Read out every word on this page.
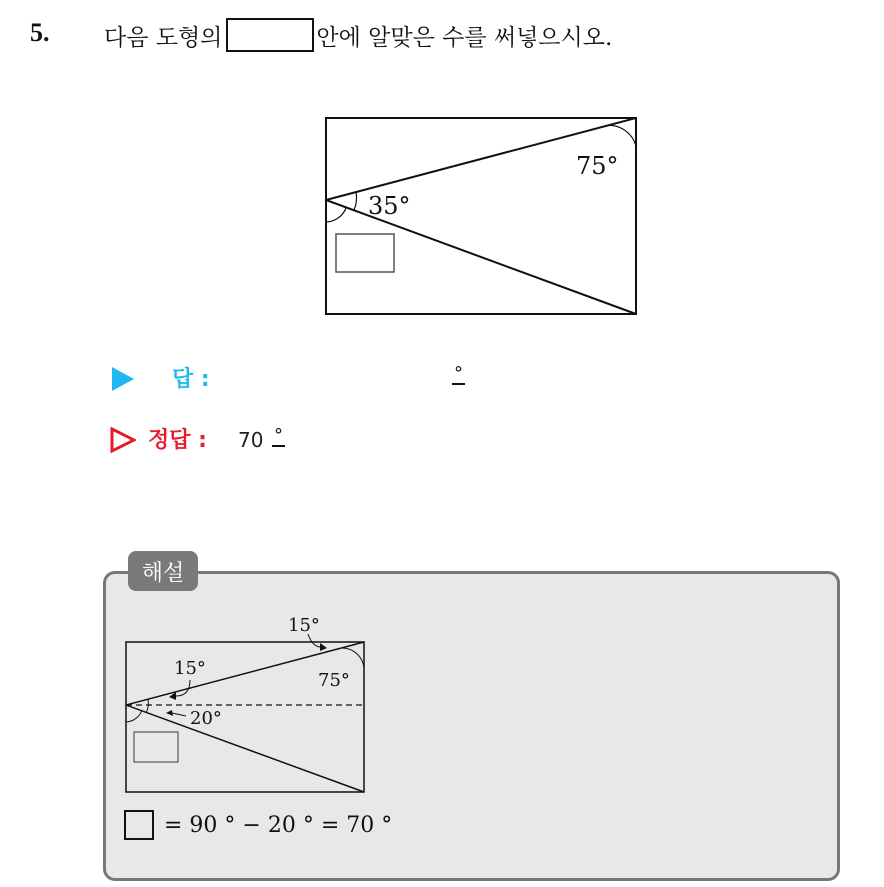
5. 다음 도형의	안에 알맞은 수를 써넣으시오.
75°
35°
답 :	°
정답 : 70 °
해설
15°
15°
75°
20°
= 90 ° − 20 ° = 70 °
